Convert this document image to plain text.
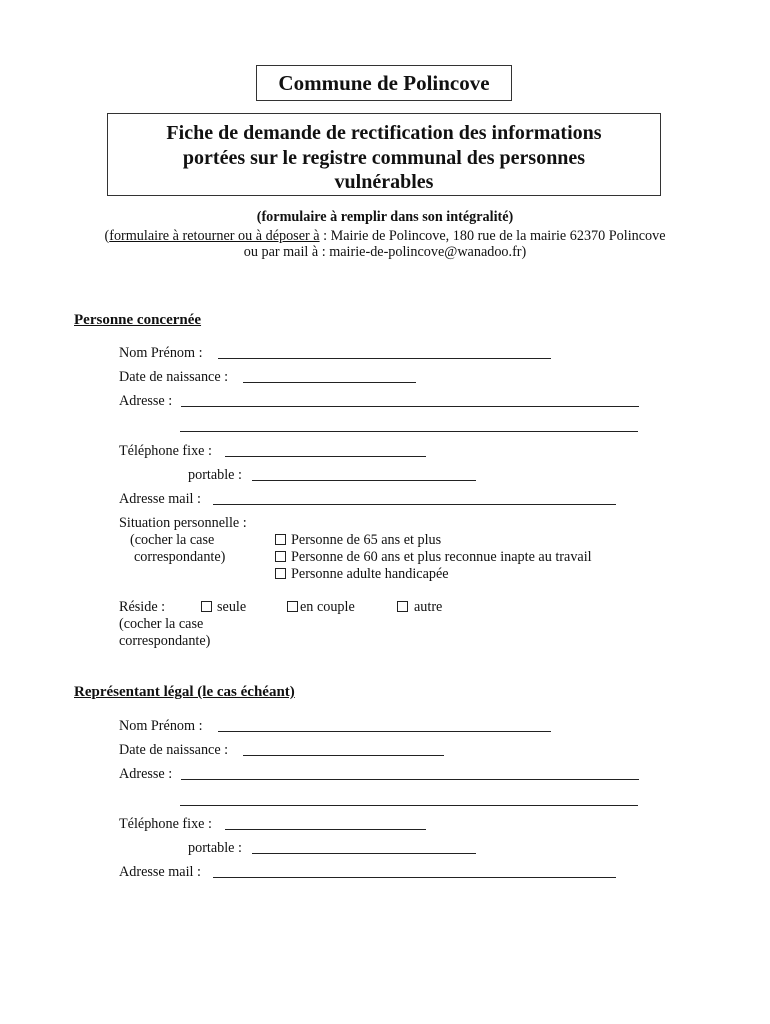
Commune de Polincove
Fiche de demande de rectification des informations
portées sur le registre communal des personnes
vulnérables
(formulaire à remplir dans son intégralité)
(formulaire à retourner ou à déposer à : Mairie de Polincove, 180 rue de la mairie 62370 Polincove
ou par mail à : mairie-de-polincove@wanadoo.fr)
Personne concernée
Nom Prénom :
Date de naissance :
Adresse :
Téléphone fixe :
portable :
Adresse mail :
Situation personnelle :
(cocher la case
correspondante)
Personne de 65 ans et plus
Personne de 60 ans et plus reconnue inapte au travail
Personne adulte handicapée
Réside :	seule	en couple	autre
(cocher la case
correspondante)
Représentant légal (le cas échéant)
Nom Prénom :
Date de naissance :
Adresse :
Téléphone fixe :
portable :
Adresse mail :
